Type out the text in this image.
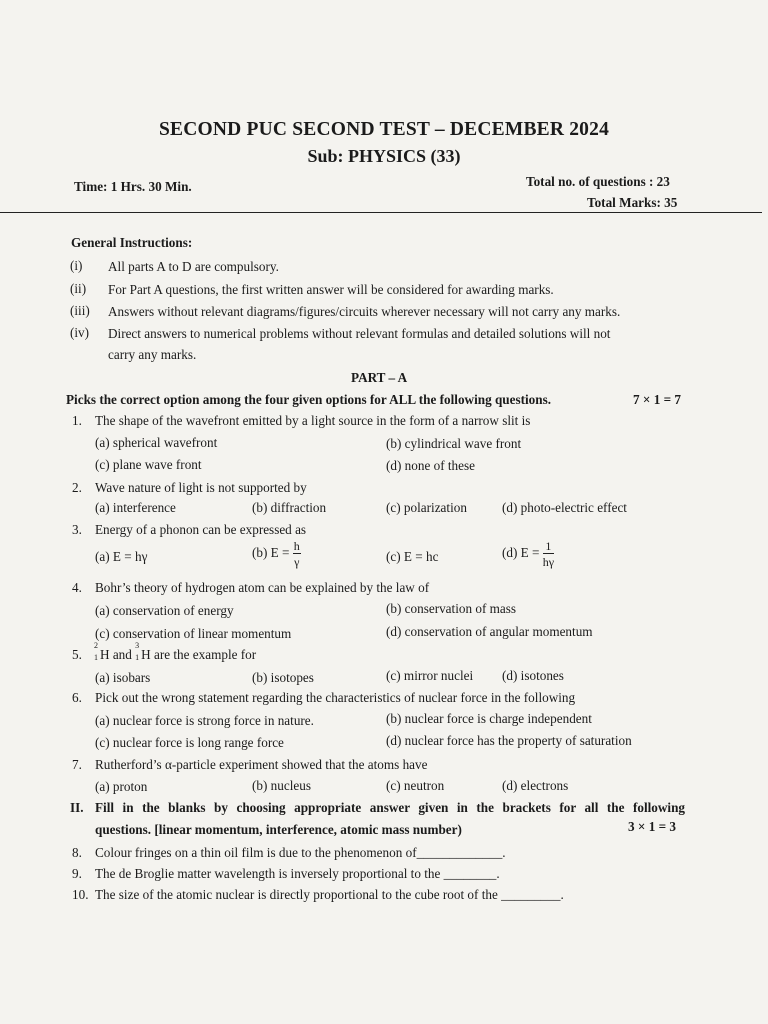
SECOND PUC SECOND TEST – DECEMBER 2024
Sub: PHYSICS (33)
Time: 1 Hrs. 30 Min.	Total no. of questions : 23
Total Marks: 35
General Instructions:
(i) All parts A to D are compulsory.
(ii) For Part A questions, the first written answer will be considered for awarding marks.
(iii) Answers without relevant diagrams/figures/circuits wherever necessary will not carry any marks.
(iv) Direct answers to numerical problems without relevant formulas and detailed solutions will not
carry any marks.
PART – A
Picks the correct option among the four given options for ALL the following questions.	7 × 1 = 7
1. The shape of the wavefront emitted by a light source in the form of a narrow slit is
(a) spherical wavefront	(b) cylindrical wave front
(c) plane wave front	(d) none of these
2. Wave nature of light is not supported by
(a) interference	(b) diffraction	(c) polarization	(d) photo-electric effect
3. Energy of a phonon can be expressed as
(a) E = hγ	(b) $E = \frac{h}{\gamma}$	(c) E = hc	(d) $E = \frac{1}{h\gamma}$
4. Bohr’s theory of hydrogen atom can be explained by the law of
(a) conservation of energy	(b) conservation of mass
(c) conservation of linear momentum	(d) conservation of angular momentum
5.
2
1 H and
3
1 H are the example for
(a) isobars	(b) isotopes	(c) mirror nuclei (d) isotones
6. Pick out the wrong statement regarding the characteristics of nuclear force in the following
(a) nuclear force is strong force in nature.	(b) nuclear force is charge independent
(c) nuclear force is long range force	(d) nuclear force has the property of saturation
7. Rutherford’s α-particle experiment showed that the atoms have
(a) proton	(b) nucleus	(c) neutron	(d) electrons
II. Fill in the blanks by choosing appropriate answer given in the brackets for all the following
questions. [linear momentum, interference, atomic mass number)	3 × 1 = 3
8. Colour fringes on a thin oil film is due to the phenomenon of_____________.
9. The de Broglie matter wavelength is inversely proportional to the ________.
10. The size of the atomic nuclear is directly proportional to the cube root of the _________.
